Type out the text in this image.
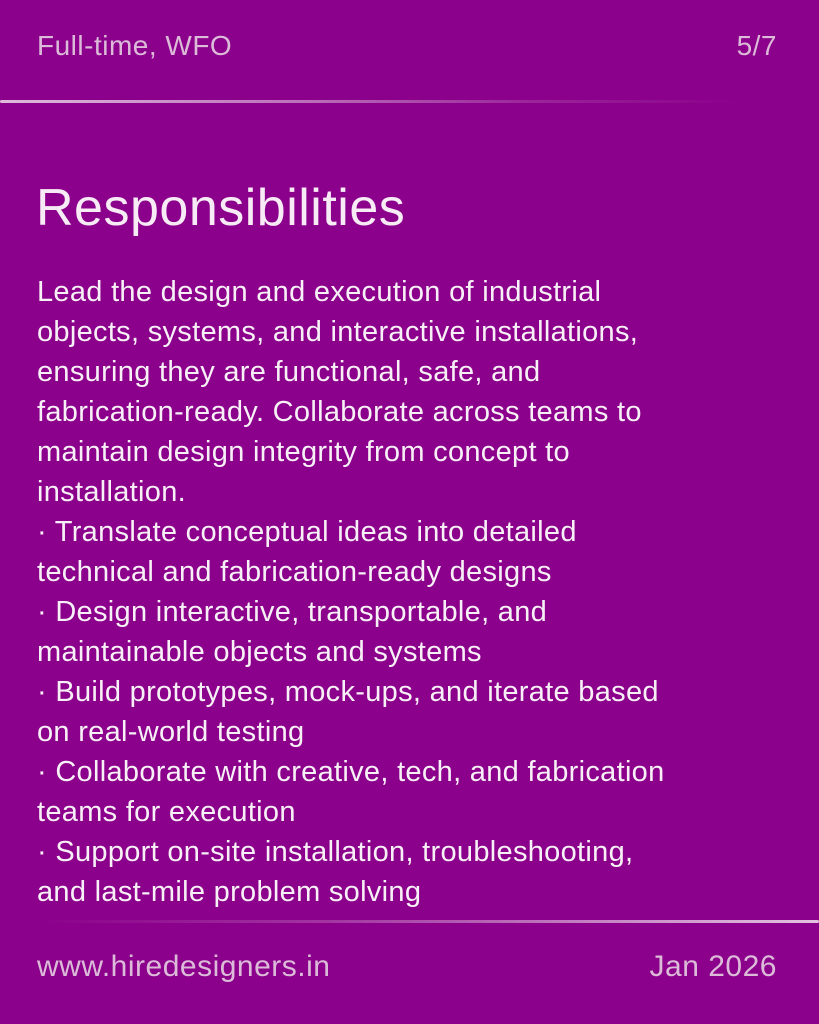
Full-time, WFO	5/7
Responsibilities
Lead the design and execution of industrial
objects, systems, and interactive installations,
ensuring they are functional, safe, and
fabrication-ready. Collaborate across teams to
maintain design integrity from concept to
installation.
· Translate conceptual ideas into detailed
technical and fabrication-ready designs
· Design interactive, transportable, and
maintainable objects and systems
· Build prototypes, mock-ups, and iterate based
on real-world testing
· Collaborate with creative, tech, and fabrication
teams for execution
· Support on-site installation, troubleshooting,
and last-mile problem solving
www.hiredesigners.in	Jan 2026
